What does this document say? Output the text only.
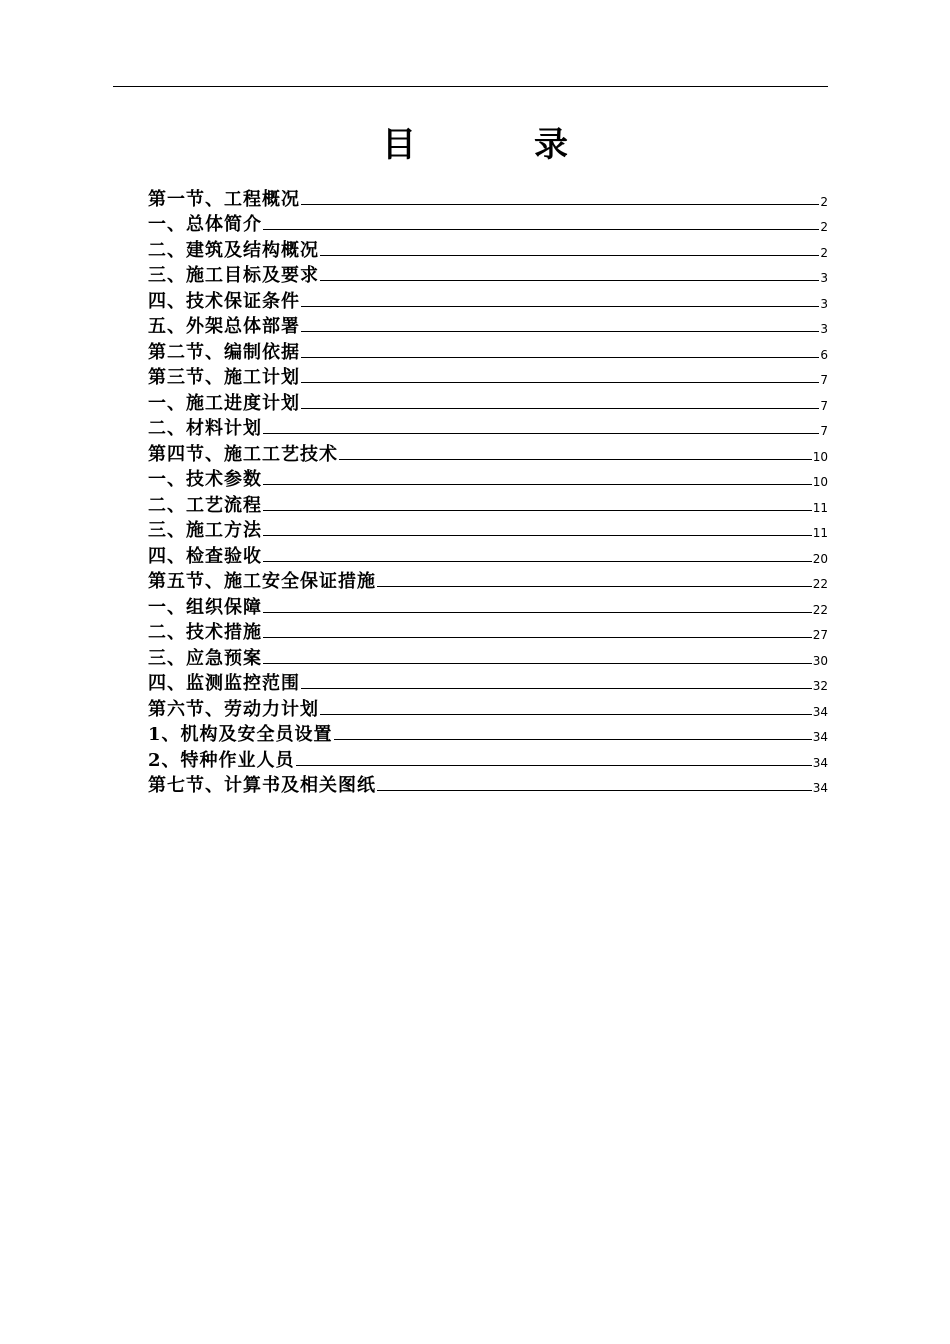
目　录
第一节、工程概况	2
一、总体简介	2
二、建筑及结构概况	2
三、施工目标及要求	3
四、技术保证条件	3
五、外架总体部署	3
第二节、编制依据	6
第三节、施工计划	7
一、施工进度计划	7
二、材料计划	7
第四节、施工工艺技术	10
一、技术参数	10
二、工艺流程	11
三、施工方法	11
四、检查验收	20
第五节、施工安全保证措施	22
一、组织保障	22
二、技术措施	27
三、应急预案	30
四、监测监控范围	32
第六节、劳动力计划	34
1、机构及安全员设置	34
2、特种作业人员	34
第七节、计算书及相关图纸	34
